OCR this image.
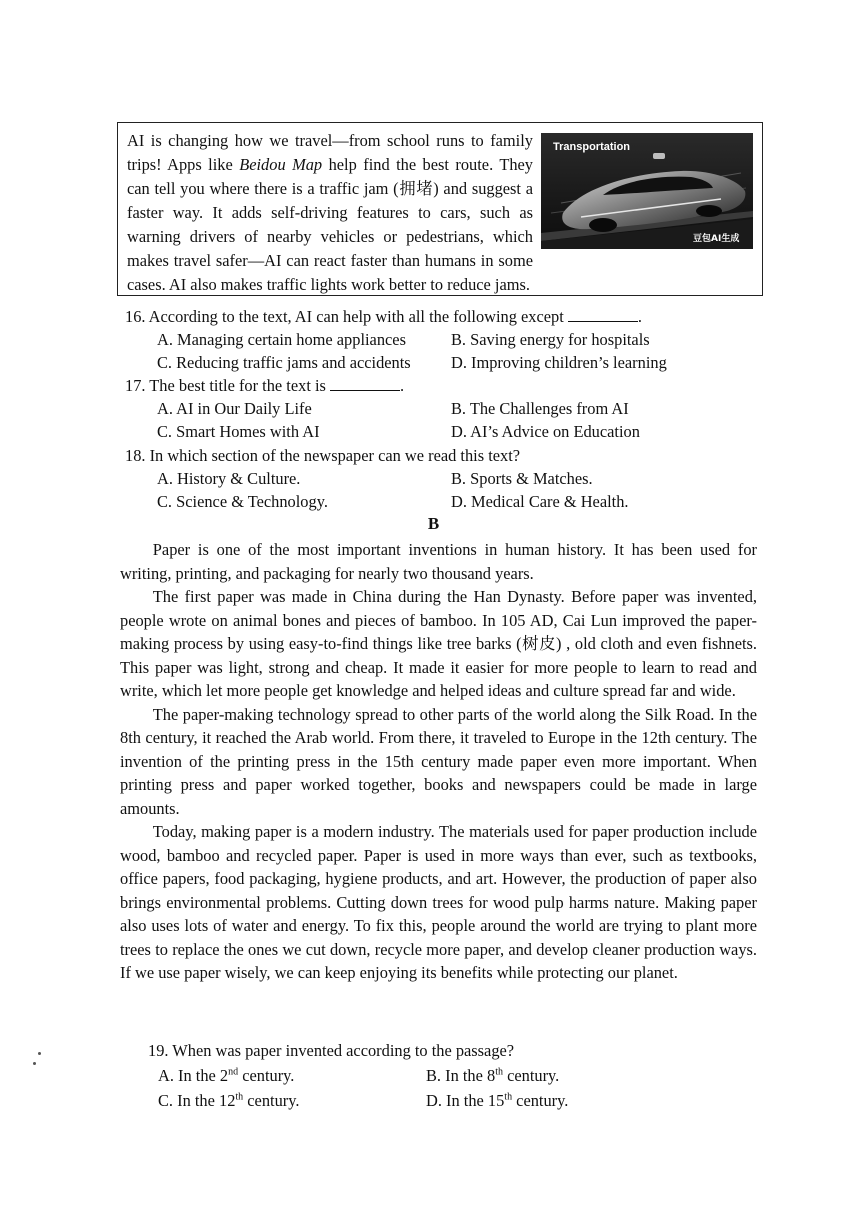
Transportation
豆包AI生成

AI is changing how we travel—from school runs to family trips! Apps like Beidou Map help find the best route. They can tell you where there is a traffic jam (拥堵) and suggest a faster way. It adds self-driving features to cars, such as warning drivers of nearby vehicles or pedestrians, which makes travel safer—AI can react faster than humans in some cases. AI also makes traffic lights work better to reduce jams.

16. According to the text, AI can help with all the following except	.
A. Managing certain home appliances	B. Saving energy for hospitals
C. Reducing traffic jams and accidents	D. Improving children’s learning
17. The best title for the text is	.
A. AI in Our Daily Life	B. The Challenges from AI
C. Smart Homes with AI	D. AI’s Advice on Education
18. In which section of the newspaper can we read this text?
A. History & Culture.	B. Sports & Matches.
C. Science & Technology.	D. Medical Care & Health.
B

Paper is one of the most important inventions in human history. It has been used for writing, printing, and packaging for nearly two thousand years.

The first paper was made in China during the Han Dynasty. Before paper was invented, people wrote on animal bones and pieces of bamboo. In 105 AD, Cai Lun improved the paper-making process by using easy-to-find things like tree barks (树皮) , old cloth and even fishnets. This paper was light, strong and cheap. It made it easier for more people to learn to read and write, which let more people get knowledge and helped ideas and culture spread far and wide.

The paper-making technology spread to other parts of the world along the Silk Road. In the 8th century, it reached the Arab world. From there, it traveled to Europe in the 12th century. The invention of the printing press in the 15th century made paper even more important. When printing press and paper worked together, books and newspapers could be made in large amounts.

Today, making paper is a modern industry. The materials used for paper production include wood, bamboo and recycled paper. Paper is used in more ways than ever, such as textbooks, office papers, food packaging, hygiene products, and art. However, the production of paper also brings environmental problems. Cutting down trees for wood pulp harms nature. Making paper also uses lots of water and energy. To fix this, people around the world are trying to plant more trees to replace the ones we cut down, recycle more paper, and develop cleaner production ways. If we use paper wisely, we can keep enjoying its benefits while protecting our planet.

19. When was paper invented according to the passage?
A. In the 2nd century.	B. In the 8th century.
C. In the 12th century.	D. In the 15th century.
